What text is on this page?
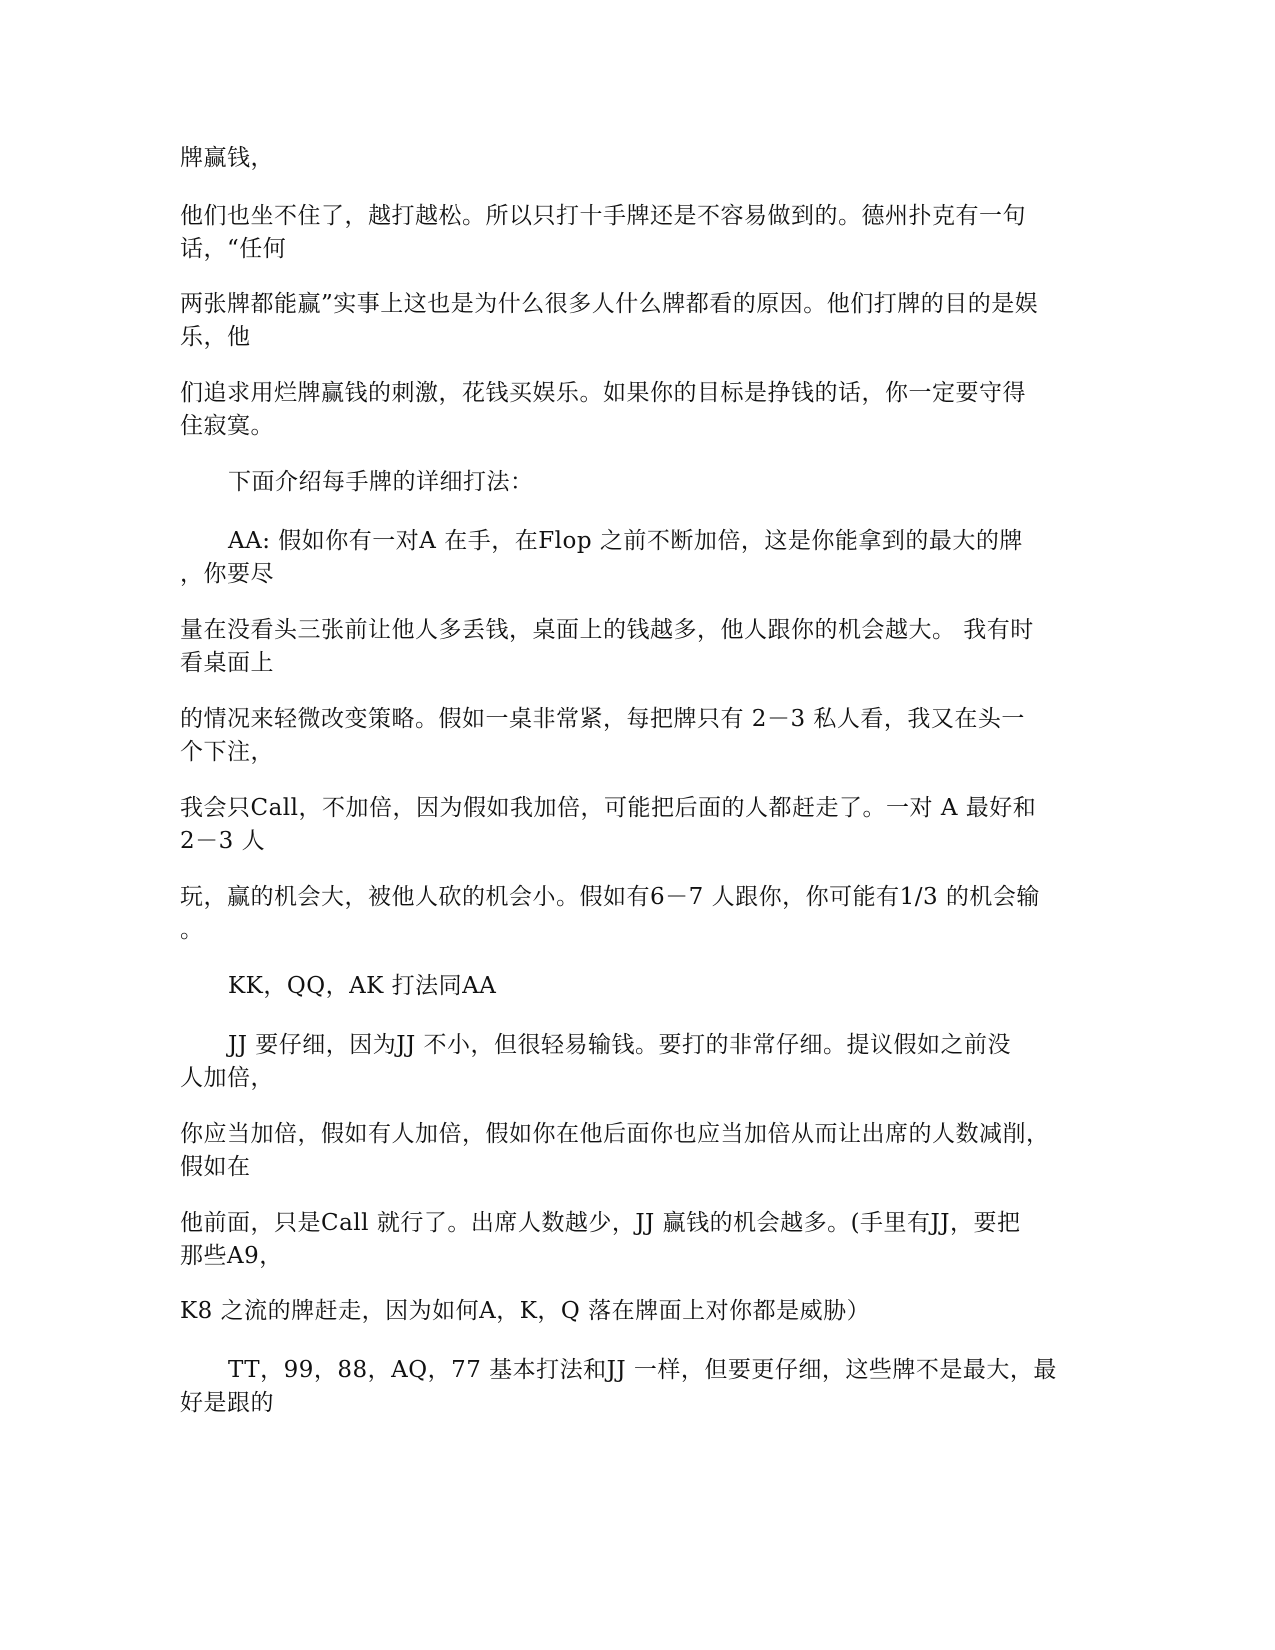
牌赢钱，
他们也坐不住了，越打越松。所以只打十手牌还是不容易做到的。德州扑克有一句
话，“任何
两张牌都能赢”实事上这也是为什么很多人什么牌都看的原因。他们打牌的目的是娱
乐，他
们追求用烂牌赢钱的刺激，花钱买娱乐。如果你的目标是挣钱的话，你一定要守得
住寂寞。
下面介绍每手牌的详细打法：
AA: 假如你有一对A 在手，在Flop 之前不断加倍，这是你能拿到的最大的牌
，你要尽
量在没看头三张前让他人多丢钱，桌面上的钱越多，他人跟你的机会越大。 我有时
看桌面上
的情况来轻微改变策略。假如一桌非常紧，每把牌只有 2－3 私人看，我又在头一
个下注，
我会只Call，不加倍，因为假如我加倍，可能把后面的人都赶走了。一对 A 最好和
2－3 人
玩，赢的机会大，被他人砍的机会小。假如有6－7 人跟你，你可能有1/3 的机会输
。
KK，QQ，AK 打法同AA
JJ 要仔细，因为JJ 不小，但很轻易输钱。要打的非常仔细。提议假如之前没
人加倍，
你应当加倍，假如有人加倍，假如你在他后面你也应当加倍从而让出席的人数减削，
假如在
他前面，只是Call 就行了。出席人数越少，JJ 赢钱的机会越多。(手里有JJ，要把
那些A9，
K8 之流的牌赶走，因为如何A，K，Q 落在牌面上对你都是威胁）
TT，99，88，AQ，77 基本打法和JJ 一样，但要更仔细，这些牌不是最大，最
好是跟的
